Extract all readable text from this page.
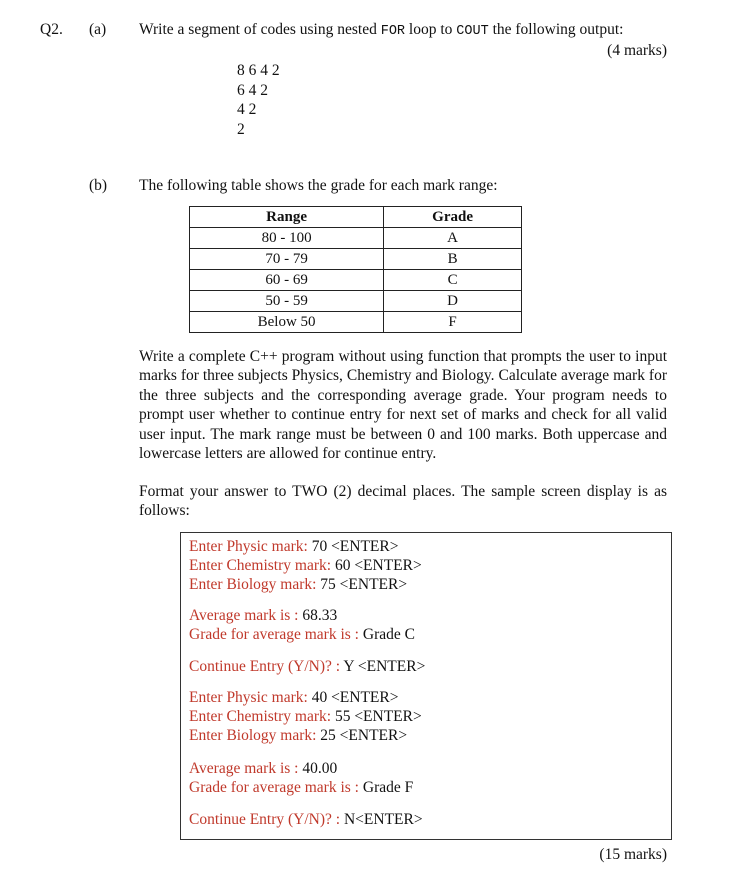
Q2. (a) Write a segment of codes using nested FOR loop to COUT the following output:
(4 marks)
8 6 4 2
6 4 2
4 2
2
(b) The following table shows the grade for each mark range:
Range	Grade
80 - 100	A
70 - 79	B
60 - 69	C
50 - 59	D
Below 50	F
Write a complete C++ program without using function that prompts the user to input marks for three subjects Physics, Chemistry and Biology. Calculate average mark for the three subjects and the corresponding average grade. Your program needs to prompt user whether to continue entry for next set of marks and check for all valid user input. The mark range must be between 0 and 100 marks. Both uppercase and lowercase letters are allowed for continue entry.
Format your answer to TWO (2) decimal places. The sample screen display is as follows:
Enter Physic mark: 70 <ENTER>
Enter Chemistry mark: 60 <ENTER>
Enter Biology mark: 75 <ENTER>
Average mark is : 68.33
Grade for average mark is : Grade C
Continue Entry (Y/N)? : Y <ENTER>
Enter Physic mark: 40 <ENTER>
Enter Chemistry mark: 55 <ENTER>
Enter Biology mark: 25 <ENTER>
Average mark is : 40.00
Grade for average mark is : Grade F
Continue Entry (Y/N)? : N<ENTER>
(15 marks)
